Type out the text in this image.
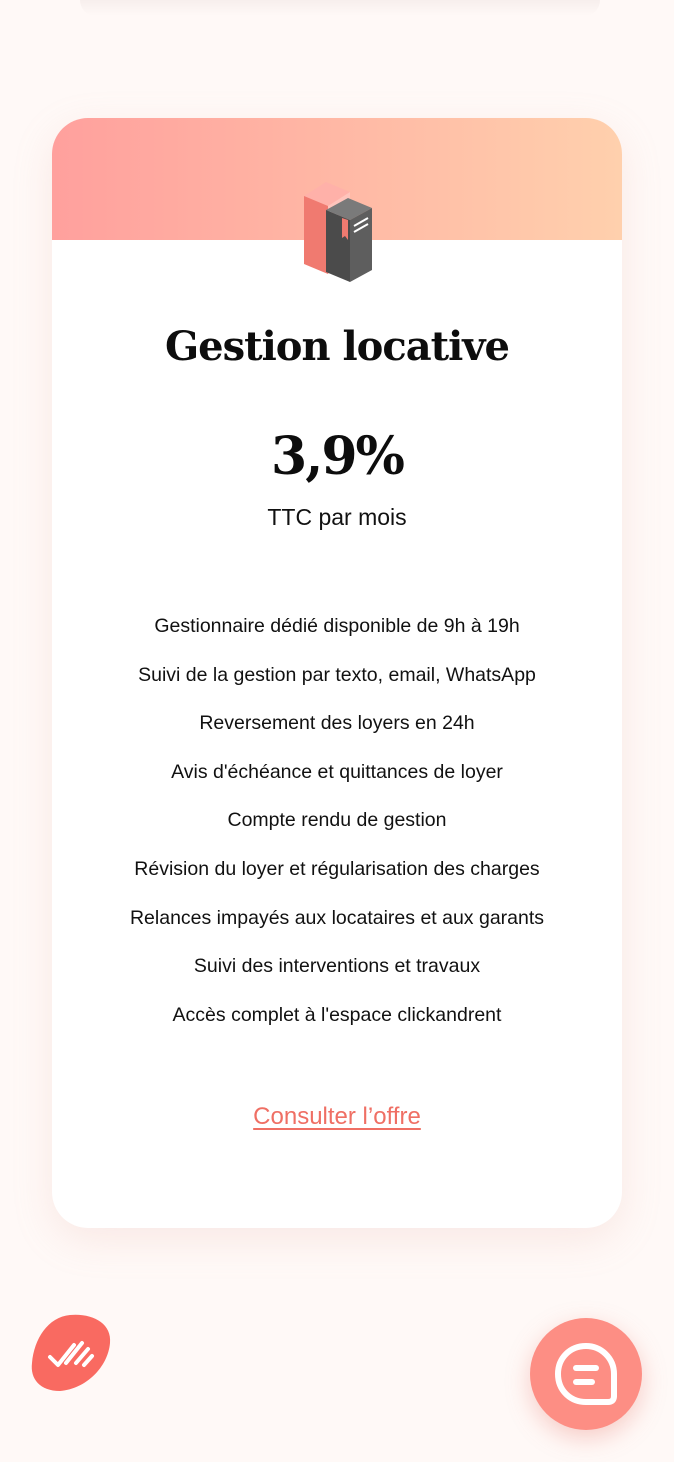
Gestion locative
3,9%
TTC par mois
Gestionnaire dédié disponible de 9h à 19h
Suivi de la gestion par texto, email, WhatsApp
Reversement des loyers en 24h
Avis d'échéance et quittances de loyer
Compte rendu de gestion
Révision du loyer et régularisation des charges
Relances impayés aux locataires et aux garants
Suivi des interventions et travaux
Accès complet à l'espace clickandrent
Consulter l’offre
